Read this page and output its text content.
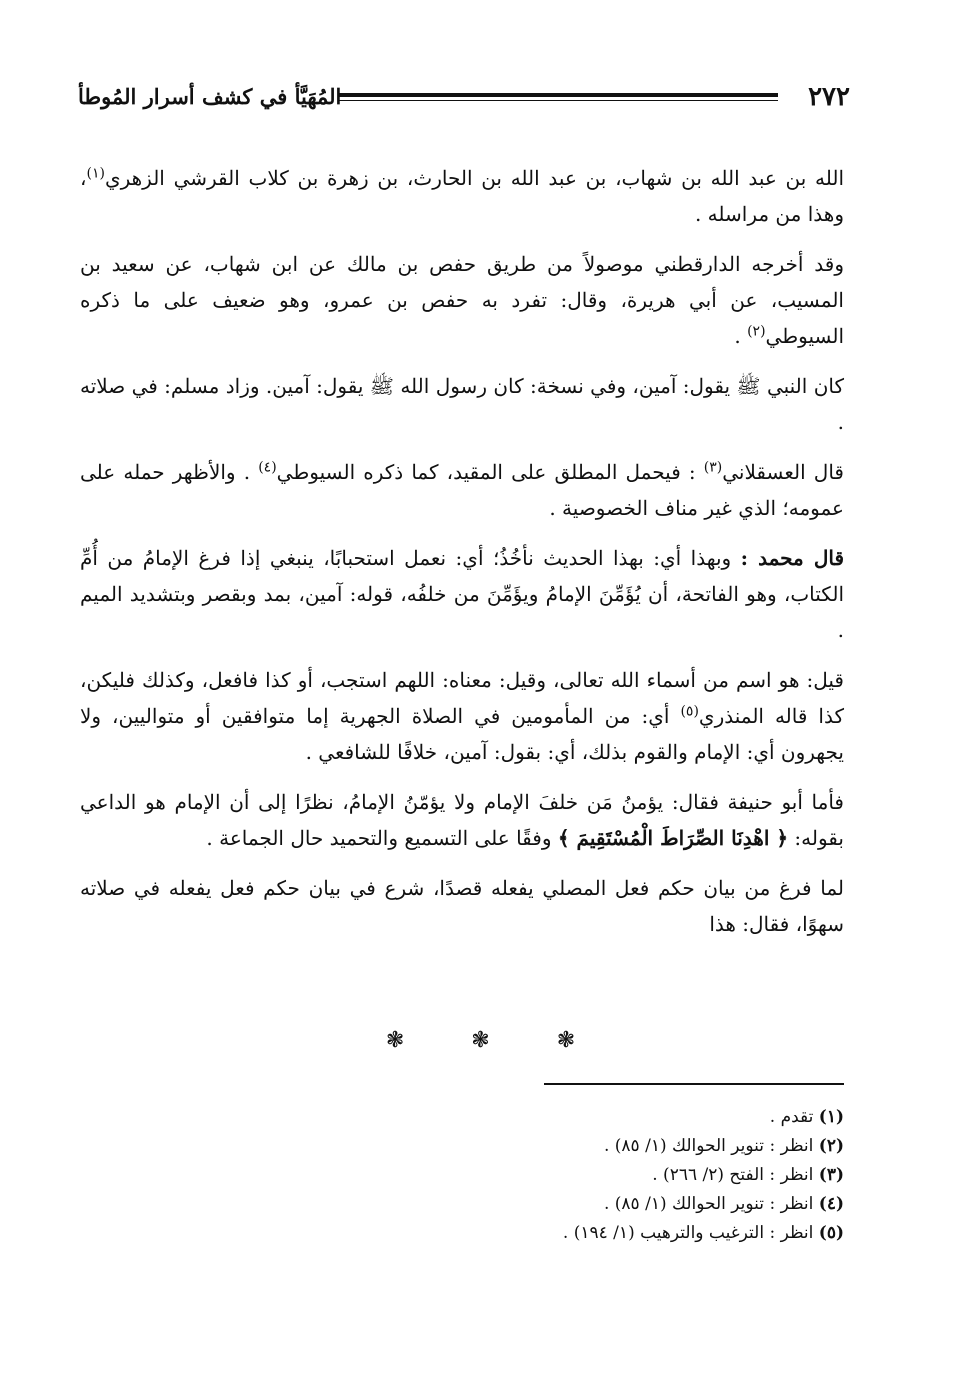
٢٧٢
المُهَيَّأ في كشف أسرار المُوطأ

الله بن عبد الله بن شهاب، بن عبد الله بن الحارث، بن زهرة بن كلاب القرشي الزهري$^{(١)}$، وهذا من مراسله .

وقد أخرجه الدارقطني موصولاً من طريق حفص بن مالك عن ابن شهاب، عن سعيد بن المسيب، عن أبي هريرة، وقال: تفرد به حفص بن عمرو، وهو ضعيف على ما ذكره السيوطي$^{(٢)}$ .

كان النبي ﷺ يقول: آمين، وفي نسخة: كان رسول الله ﷺ يقول: آمين. وزاد مسلم: في صلاته .

قال العسقلاني$^{(٣)}$ : فيحمل المطلق على المقيد، كما ذكره السيوطي$^{(٤)}$ . والأظهر حمله على عمومه؛ الذي غير مناف الخصوصية .

قال محمد : وبهذا أي: بهذا الحديث نأخُذُ؛ أي: نعمل استحبابًا، ينبغي إذا فرغ الإمامُ من أُمِّ الكتاب، وهو الفاتحة، أن يُؤَمِّنَ الإمامُ ويؤَمِّنَ من خلفُه، قوله: آمين، بمد وبقصر وبتشديد الميم .

قيل: هو اسم من أسماء الله تعالى، وقيل: معناه: اللهم استجب، أو كذا فافعل، وكذلك فليكن، كذا قاله المنذري$^{(٥)}$ أي: من المأمومين في الصلاة الجهرية إما متوافقين أو متواليين، ولا يجهرون أي: الإمام والقوم بذلك، أي: بقول: آمين، خلافًا للشافعي .

فأما أبو حنيفة فقال: يؤمنُ مَن خلفَ الإمام ولا يؤمّنُ الإمامُ، نظرًا إلى أن الإمام هو الداعي بقوله: ﴿ اهْدِنَا الصِّرَاطَ الْمُسْتَقِيمَ ﴾ وفقًا على التسميع والتحميد حال الجماعة .

لما فرغ من بيان حكم فعل المصلي يفعله قصدًا، شرع في بيان حكم فعل يفعله في صلاته سهوًا، فقال: هذا

❃ ❃ ❃
(١) تقدم .
(٢) انظر : تنوير الحوالك (١/ ٨٥) .
(٣) انظر : الفتح (٢/ ٢٦٦) .
(٤) انظر : تنوير الحوالك (١/ ٨٥) .
(٥) انظر : الترغيب والترهيب (١/ ١٩٤) .
